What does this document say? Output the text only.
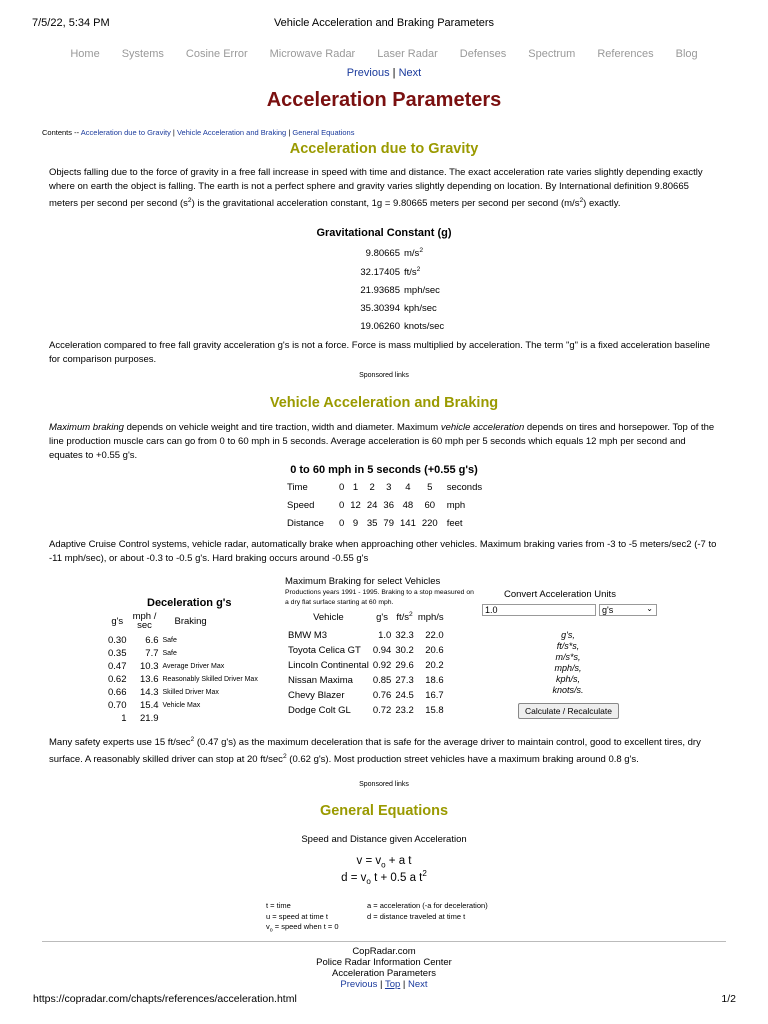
7/5/22, 5:34 PM	Vehicle Acceleration and Braking Parameters
Home Systems Cosine Error Microwave Radar Laser Radar Defenses Spectrum References Blog
Previous | Next
Acceleration Parameters
Contents -- Acceleration due to Gravity | Vehicle Acceleration and Braking | General Equations
Acceleration due to Gravity
Objects falling due to the force of gravity in a free fall increase in speed with time and distance. The exact acceleration rate varies slightly depending exactly where on earth the object is falling. The earth is not a perfect sphere and gravity varies slightly depending on location. By International definition 9.80665 meters per second per second $(s^2)$ is the gravitational acceleration constant, 1g = 9.80665 meters per second per second $(m/s^2)$ exactly.
Gravitational Constant (g)
9.80665	$m/s^2$
32.17405	$ft/s^2$
21.93685	mph/sec
35.30394	kph/sec
19.06260	knots/sec
Acceleration compared to free fall gravity acceleration g's is not a force. Force is mass multiplied by acceleration. The term "g" is a fixed acceleration baseline for comparison purposes.
Sponsored links
Vehicle Acceleration and Braking
Maximum braking depends on vehicle weight and tire traction, width and diameter. Maximum vehicle acceleration depends on tires and horsepower. Top of the line production muscle cars can go from 0 to 60 mph in 5 seconds. Average acceleration is 60 mph per 5 seconds which equals 12 mph per second and equates to +0.55 g's.
0 to 60 mph in 5 seconds (+0.55 g's)
Time	0	1	2	3	4	5	seconds
Speed	0	12	24	36	48	60	mph
Distance	0	9	35	79	141	220	feet
Adaptive Cruise Control systems, vehicle radar, automatically brake when approaching other vehicles. Maximum braking varies from -3 to -5 meters/sec2 (-7 to -11 mph/sec), or about -0.3 to -0.5 g's. Hard braking occurs around -0.55 g's
Deceleration g's
g's	mph / sec	Braking
0.30	6.6	Safe
0.35	7.7	Safe
0.47	10.3	Average Driver Max
0.62	13.6	Reasonably Skilled Driver Max
0.66	14.3	Skilled Driver Max
0.70	15.4	Vehicle Max
1	21.9	
Maximum Braking for select Vehicles
Productions years 1991 - 1995. Braking to a stop measured on a dry flat surface starting at 60 mph.
Vehicle	g's	$ft/s^2$	mph/s
BMW M3	1.0	32.3	22.0
Toyota Celica GT	0.94	30.2	20.6
Lincoln Continental	0.92	29.6	20.2
Nissan Maxima	0.85	27.3	18.6
Chevy Blazer	0.76	24.5	16.7
Dodge Colt GL	0.72	23.2	15.8
Convert Acceleration Units
1.0	g's	⌄
g's,
ft/s*s,
m/s*s,
mph/s,
kph/s,
knots/s.
Calculate / Recalculate
Many safety experts use 15 $ft/\sec^2$ (0.47 g's) as the maximum deceleration that is safe for the average driver to maintain control, good to excellent tires, dry surface. A reasonably skilled driver can stop at 20 $ft/\sec^2$ (0.62 g's). Most production street vehicles have a maximum braking around 0.8 g's.
Sponsored links
General Equations
Speed and Distance given Acceleration
$v = v_o + a$ t
$d = v_o$ t + 0.5 a $t^2$
t = time
u = speed at time t
$v_o$ = speed when t = 0
a = acceleration (-a for deceleration)
d = distance traveled at time t
CopRadar.com
Police Radar Information Center
Acceleration Parameters
Previous | Top | Next
https://copradar.com/chapts/references/acceleration.html	1/2
